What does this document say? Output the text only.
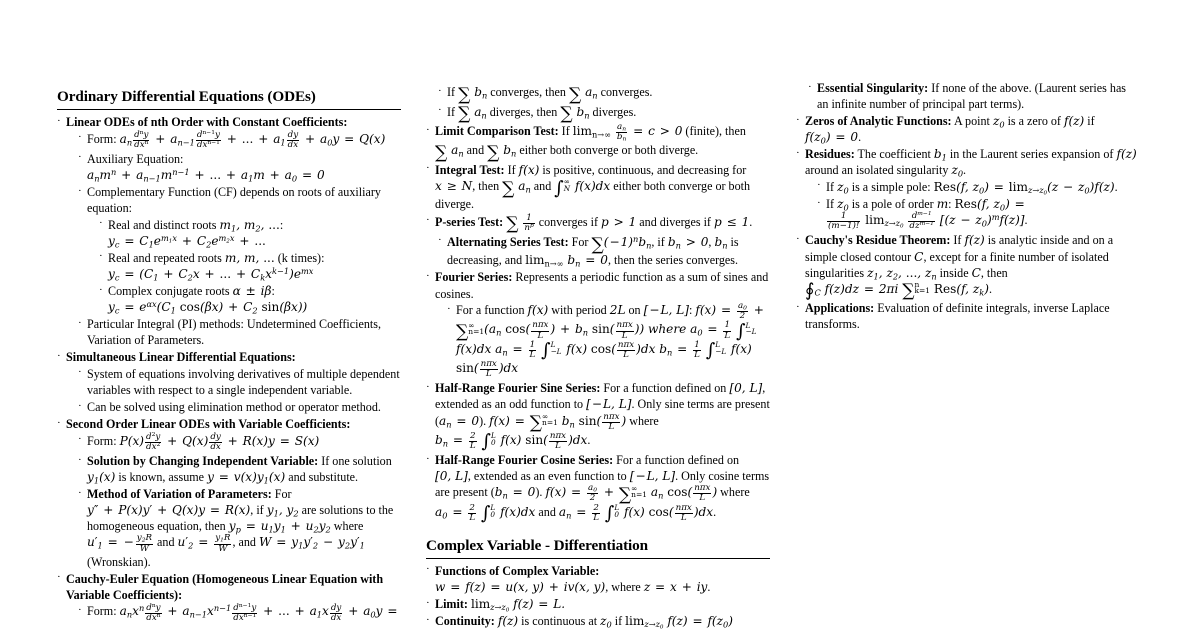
Ordinary Differential Equations (ODEs)
· Linear ODEs of nth Order with Constant Coefficients:
· Form: $a_n \frac{d^ny}{dx^n} + a_{n-1} \frac{d^{n-1}y}{dx^{n-1}}$ + ... + $a_1 \frac{dy}{dx} + a_0y = Q(x)$
· Auxiliary Equation: $a_nm^n + a_{n-1}m^{n-1}$ + ... + $a_1m + a_0 = 0$
· Complementary Function (CF) depends on roots of auxiliary equation:
· Real and distinct roots $m_1$, $m_2$, ...: $y_c = C_1e^{m_1x} + C_2e^{m_2x}$ + ...
· Real and repeated roots m, m, ... (k times): $y_c = (C_1 + C_2x$ + ... + $C_kx^{k-1})e^{mx}$
· Complex conjugate roots α ± iβ: $y_c = e^{\alpha x}(C_1$ $\cos(\beta x) + C_2$ sin(βx))
· Particular Integral (PI) methods: Undetermined Coefficients, Variation of Parameters.
· Simultaneous Linear Differential Equations:
· System of equations involving derivatives of multiple dependent variables with respect to a single independent variable.
· Can be solved using elimination method or operator method.
· Second Order Linear ODEs with Variable Coefficients:
· Form: $P(x) \frac{d^2y}{dx^2} + Q(x) \frac{dy}{dx} + R(x)y = S(x)$
· Solution by Changing Independent Variable: If one solution $y_1(x)$ is known, assume $y = v(x)y_1(x)$ and substitute.
· Method of Variation of Parameters: For y″ + P(x)y′ + Q(x)y = R(x), if $y_1$, $y_2$ are solutions to the homogeneous equation, then $y_p = u_1y_1 + u_2y_2$ where $u'_1$ = − $\frac{y_2R}{W}$ and $u'_2 = \frac{y_1R}{W}$ , and $W = y_1y'_2 - y_2y'_1$ (Wronskian).
· Cauchy-Euler Equation (Homogeneous Linear Equation with Variable Coefficients):
· Form: $a_nx^n \frac{d^ny}{dx^n} + a_{n-1}x^{n-1} \frac{d^{n-1}y}{dx^{n-1}}$ + ... + $a_1x \frac{dy}{dx} + a_0y$ =
· If ∑ $b_n$ converges, then ∑ $a_n$ converges.
· If ∑ $a_n$ diverges, then ∑ $b_n$ diverges.
· Limit Comparison Test: If $\lim_{n\to\infty} \frac{a_n}{b_n} = c > 0$ (finite), then ∑ $a_n$ and ∑ $b_n$ either both converge or both diverge.
· Integral Test: If f(x) is positive, continuous, and decreasing for x ≥ N, then ∑ $a_n$ and ∫ ∞
N f(x)dx either both converge or both diverge.
· P-series Test: ∑ $\frac{1}{n^p}$ converges if p > 1 and diverges if p ≤ 1.
· Alternating Series Test: For $\sum(-1)^nb_n$, if $b_n > 0$, $b_n$ is decreasing, and $\lim_{n\to\infty} b_n = 0$, then the series converges.
· Fourier Series: Represents a periodic function as a sum of sines and cosines.
· For a function f(x) with period 2L on [−L, L]: $f(x) = \frac{a_0}{2}$ + ∑ ∞
n=1 ($a_n$ $\cos( \frac{\text{nπx}}{L}$ ) + $b_n$ $\sin( \frac{\text{nπx}}{L}$ )) where $a_0 = \frac{1}{L}$ ∫ L
−L
f(x)dx $a_n = \frac{1}{L}$ ∫ L
−L f(x) $\cos( \frac{\text{nπx}}{L} )dx$ $b_n = \frac{1}{L}$ ∫ L
−L f(x) $\sin( \frac{\text{nπx}}{L} )dx$
· Half-Range Fourier Sine Series: For a function defined on [0, L], extended as an odd function to [−L, L]. Only sine terms are present $(a_n = 0)$. f(x) = ∑ ∞
n=1 $b_n$ $\sin( \frac{\text{nπx}}{L}$ ) where $b_n = \frac{2}{L}$ ∫ L
0 f(x) $\sin( \frac{\text{nπx}}{L} )dx$.
· Half-Range Fourier Cosine Series: For a function defined on [0, L], extended as an even function to [−L, L]. Only cosine terms are present $(b_n = 0)$. $f(x) = \frac{a_0}{2}$ + ∑ ∞
n=1 $a_n$ $\cos( \frac{\text{nπx}}{L}$ ) where $a_0 = \frac{2}{L}$ ∫ L
0 f(x)dx and $a_n = \frac{2}{L}$ ∫ L
0 f(x) $\cos( \frac{\text{nπx}}{L} )dx$.
Complex Variable - Differentiation
· Functions of Complex Variable: w = f(z) = u(x, y) + iv(x, y), where z = x + iy.
· Limit: $\lim_{z\to z_0} f(z) = L$.
· Continuity: f(z) is continuous at $z_0$ if $\lim_{z\to z_0} f(z) = f(z_0)$
· Essential Singularity: If none of the above. (Laurent series has an infinite number of principal part terms).
· Zeros of Analytic Functions: A point $z_0$ is a zero of f(z) if $f(z_0) = 0$.
· Residues: The coefficient $b_1$ in the Laurent series expansion of f(z) around an isolated singularity $z_0$.
· If $z_0$ is a simple pole: Res(f, $z_0) = \lim_{z\to z_0}(z - z_0)f(z)$.
· If $z_0$ is a pole of order m: Res(f, $z_0$) =
$\frac{1}{(m-1)!} \lim_{z\to z_0} \frac{d^{m-1}}{dz^{m-1}} [(z - z_0)^mf(z)]$.
· Cauchy's Residue Theorem: If f(z) is analytic inside and on a simple closed contour C, except for a finite number of isolated singularities $z_1$, $z_2$, ..., $z_n$ inside C, then $∮_C$ f(z)dz = 2πi ∑ n
k=1 Res(f, $z_k$).
· Applications: Evaluation of definite integrals, inverse Laplace transforms.
